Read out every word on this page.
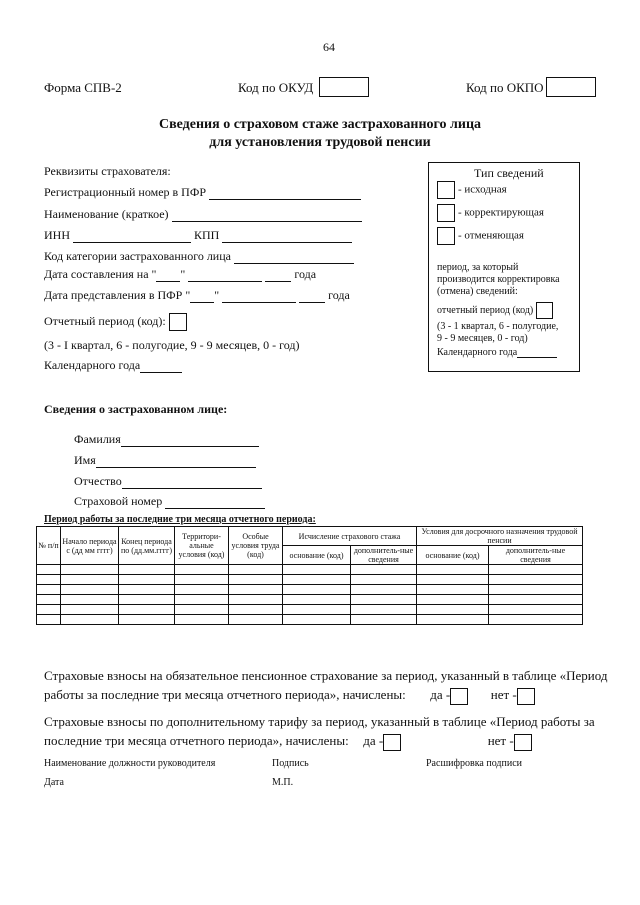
64
Форма СПВ-2	Код по ОКУД	Код по ОКПО
Сведения о страховом стаже застрахованного лица
для установления трудовой пенсии
Реквизиты страхователя:
Регистрационный номер в ПФР
Наименование (краткое)
ИНН	КПП
Код категории застрахованного лица
Дата составления на " "	года
Дата представления в ПФР " "	года
Отчетный период (код):
(3 - I квартал, 6 - полугодие, 9 - 9 месяцев, 0 - год)
Календарного года
Тип сведений
- исходная
- корректирующая
- отменяющая
период, за который
производится корректировка
(отмена) сведений:
отчетный период (код)
(3 - 1 квартал, 6 - полугодие,
9 - 9 месяцев, 0 - год)
Календарного года
Сведения о застрахованном лице:
Фамилия
Имя
Отчество
Страховой номер
Период работы за последние три месяца отчетного периода:
№ п/п	Начало периода с (дд мм гггг)	Конец периода по (дд.мм.гггг)	Территори-альные условия (код)	Особые условия труда (код)	Исчисление страхового стажа		Условия для досрочного назначения трудовой пенсии	
					основание (код)	дополнитель-ные сведения	основание (код)	дополнитель-ные сведения

Страховые взносы на обязательное пенсионное страхование за период, указанный в таблице «Период
работы за последние три месяца отчетного периода», начислены: да -	нет -
Страховые взносы по дополнительному тарифу за период, указанный в таблице «Период работы за
последние три месяца отчетного периода», начислены: да -	нет -
Наименование должности руководителя	Подпись	Расшифровка подписи
Дата	М.П.
